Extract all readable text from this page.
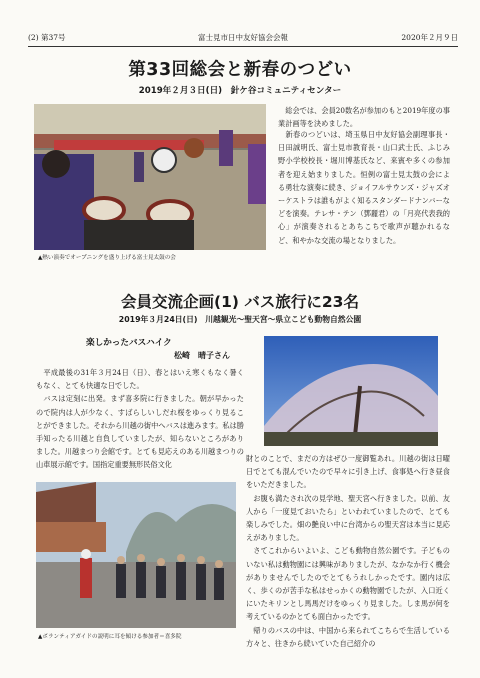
(2) 第37号	富士見市日中友好協会会報	2020年２月９日
第33回総会と新春のつどい
2019年２月３日(日)　針ケ谷コミュニティセンター
▲熱い演奏でオープニングを盛り上げる富士見太鼓の会
　総会では、会員20数名が参加のもと2019年度の事業計画等を決めました。
　新春のつどいは、埼玉県日中友好協会副理事長・日田誠明氏、富士見市教育長・山口武士氏、ふじみ野小学校校長・堀川博基氏など、来賓や多くの参加者を迎え始まりました。恒例の富士見太鼓の会による勇壮な演奏に続き、ジョイフルサウンズ・ジャズオーケストラは誰もがよく知るスタンダードナンバーなどを演奏。テレサ・テン（鄧麗君）の「月亮代表我的心」が演奏されるとあちこちで歌声が聴かれるなど、和やかな交流の場となりました。
会員交流企画(1) バス旅行に23名
2019年３月24日(日)　川越観光〜聖天宮〜県立こども動物自然公園
楽しかったバスハイク
松崎　晴子さん
　平成最後の31年３月24日（日）、春とはいえ寒くもなく暑くもなく、とても快適な日でした。
　バスは定刻に出発。まず喜多院に行きました。朝が早かったので院内は人が少なく、すばらしいしだれ桜をゆっくり見ることができました。それから川越の街中へバスは進みます。私は勝手知ったる川越と自負していましたが、知らないところがありました。川越まつり会館です。とても見応えのある川越まつりの山車展示館です。国指定重要無形民俗文化
財とのことで、まだの方はぜひ一度御覧あれ。川越の街は日曜日でとても混んでいたので早々に引き上げ、食事処へ行き昼食をいただきました。
　お腹も満たされ次の見学地、聖天宮へ行きました。以前、友人から「一度見ておいたら」といわれていましたので、とても楽しみでした。畑の艶良い中に台湾からの聖天宮は本当に見応えがありました。
　さてこれからいよいよ、こども動物自然公園です。子どものいない私は動物園には興味がありましたが、なかなか行く機会がありませんでしたのでとてもうれしかったです。園内は広く、歩くのが苦手な私はせっかくの動物園でしたが、入口近くにいたキリンとし馬馬だけをゆっくり見ました。しま馬が何を考えているのかとても面白かったです。
　帰りのバスの中は、中国から来られてこちらで生活している方々と、往きから続いていた自己紹介の
▲ボランティアガイドの説明に耳を傾ける参加者＝喜多院
